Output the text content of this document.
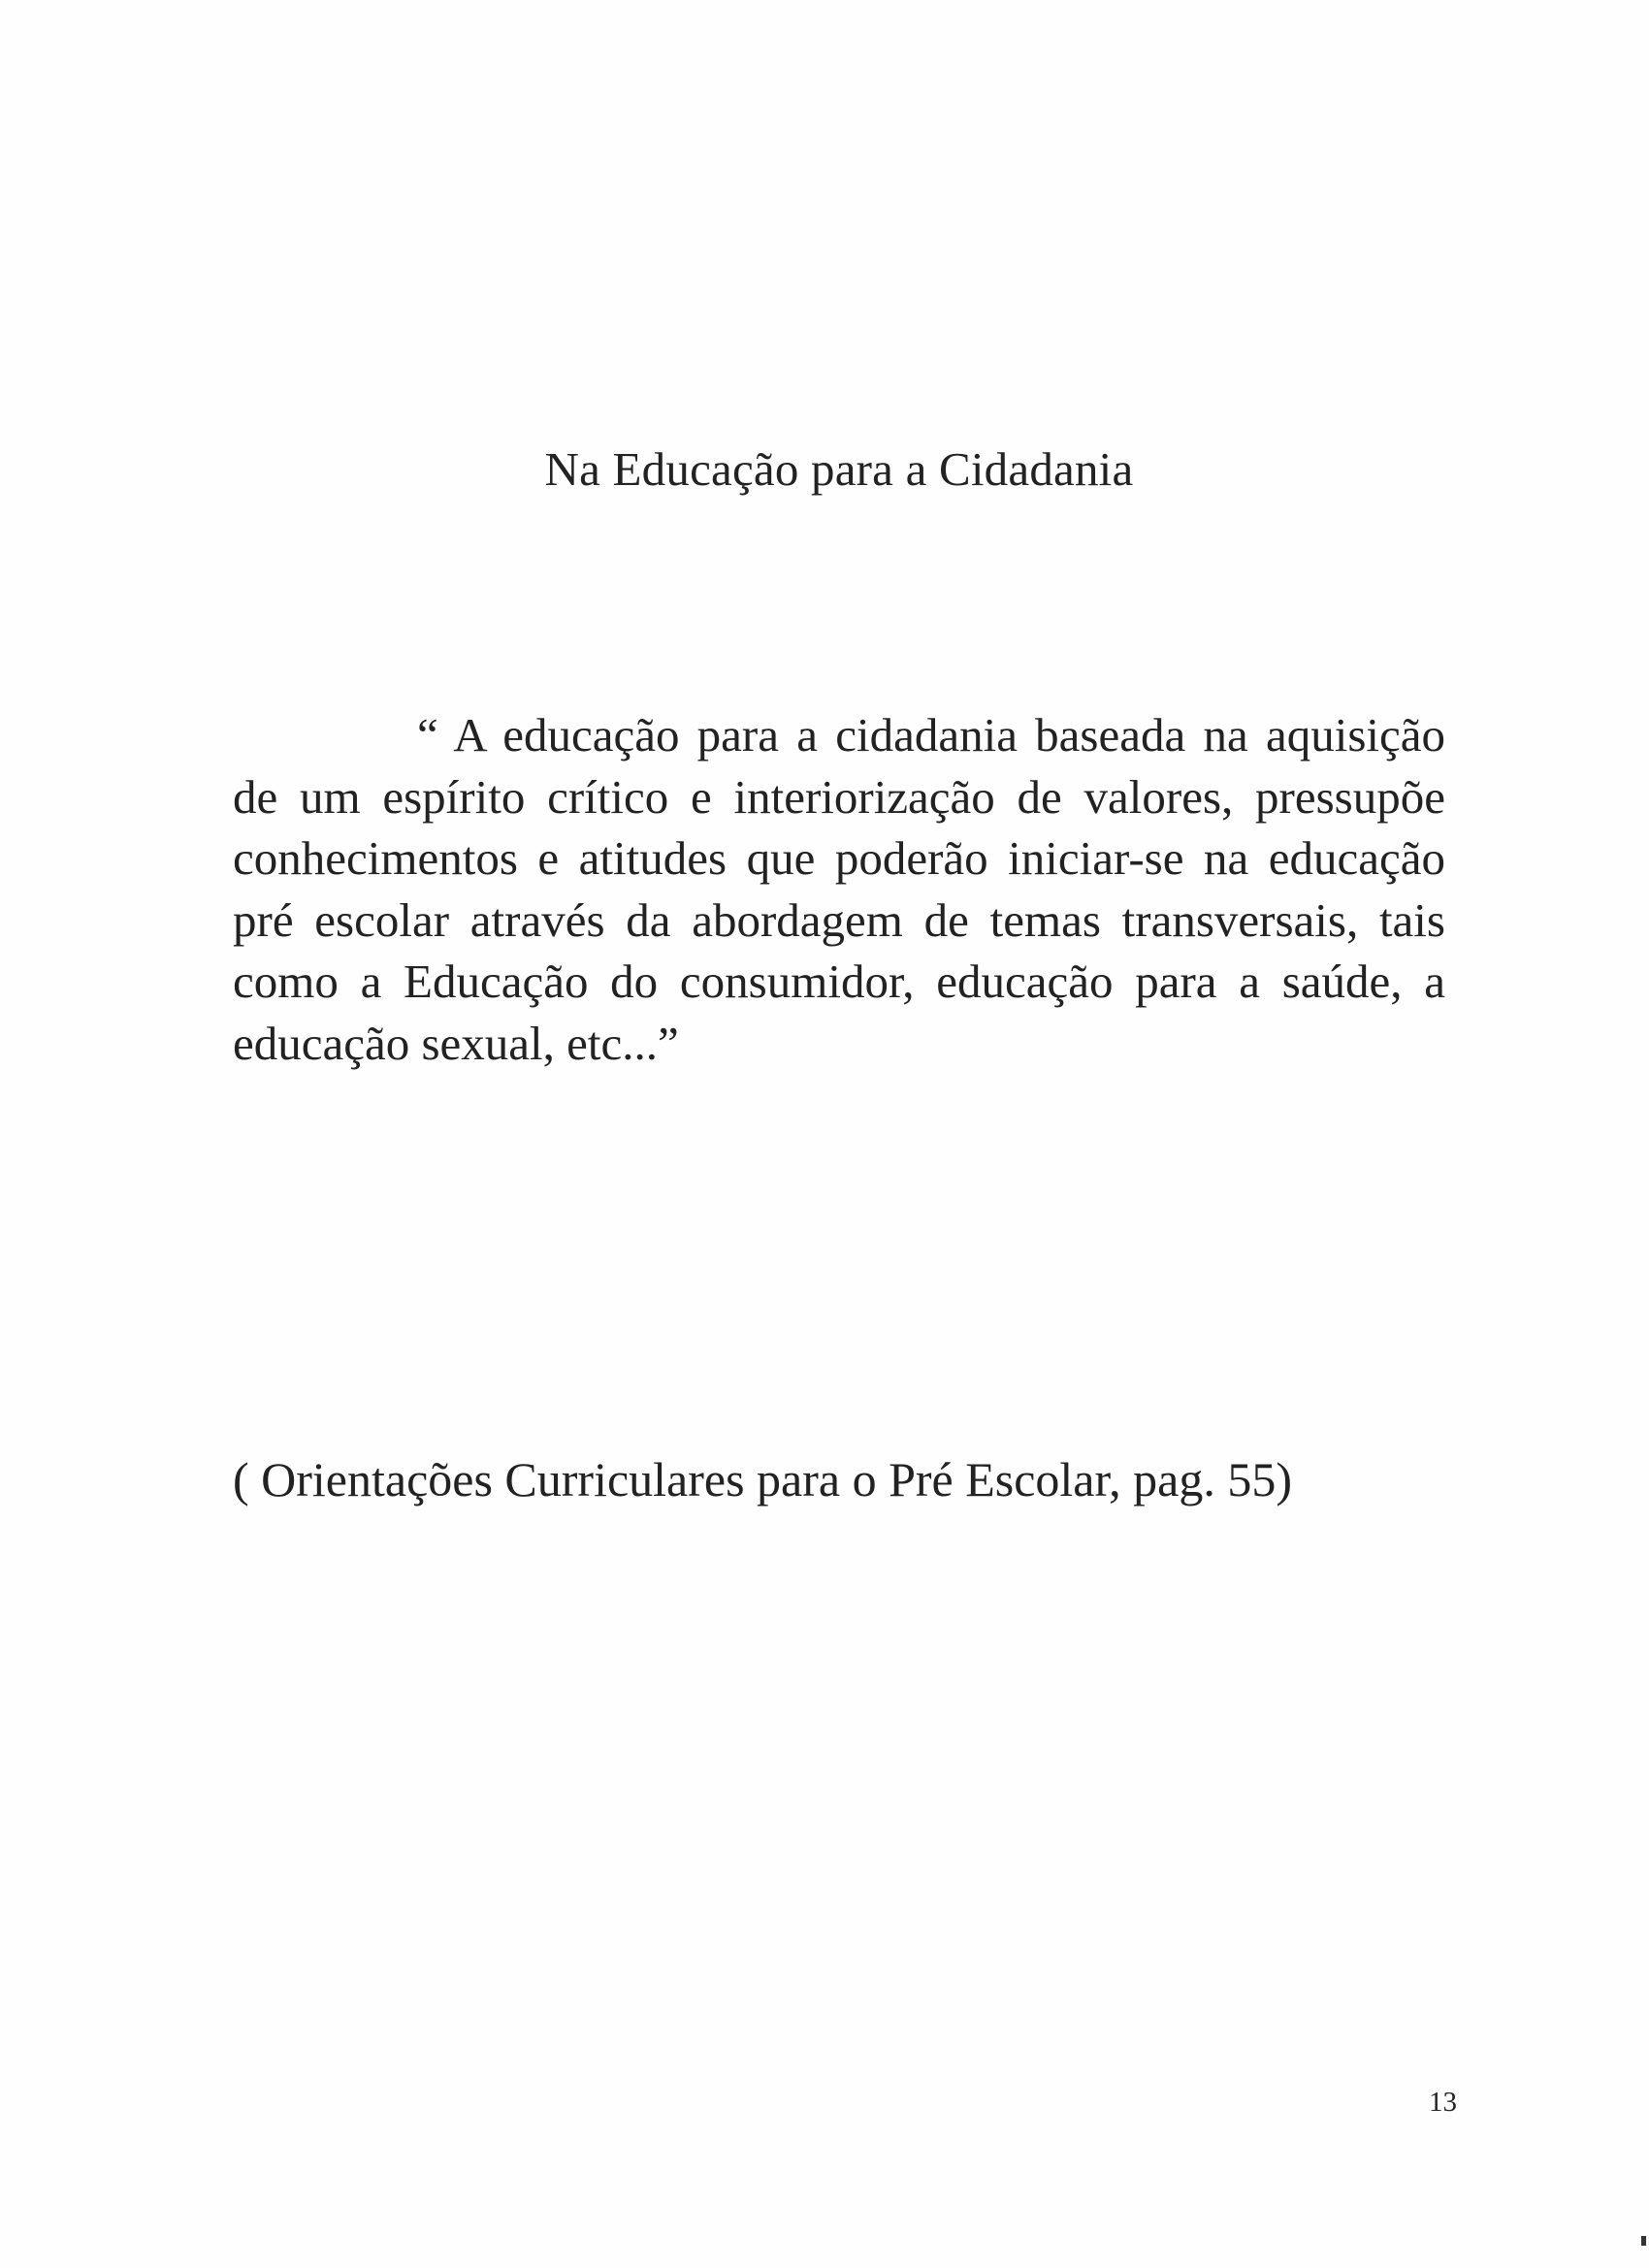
Na Educação para a Cidadania

“ A educação para a cidadania baseada na aquisição de um espírito crítico e interiorização de valores, pressupõe conhecimentos e atitudes que poderão iniciar-se na educação pré escolar através da abordagem de temas transversais, tais como a Educação do consumidor, educação para a saúde, a educação sexual, etc...”

( Orientações Curriculares para o Pré Escolar, pag. 55)
13
